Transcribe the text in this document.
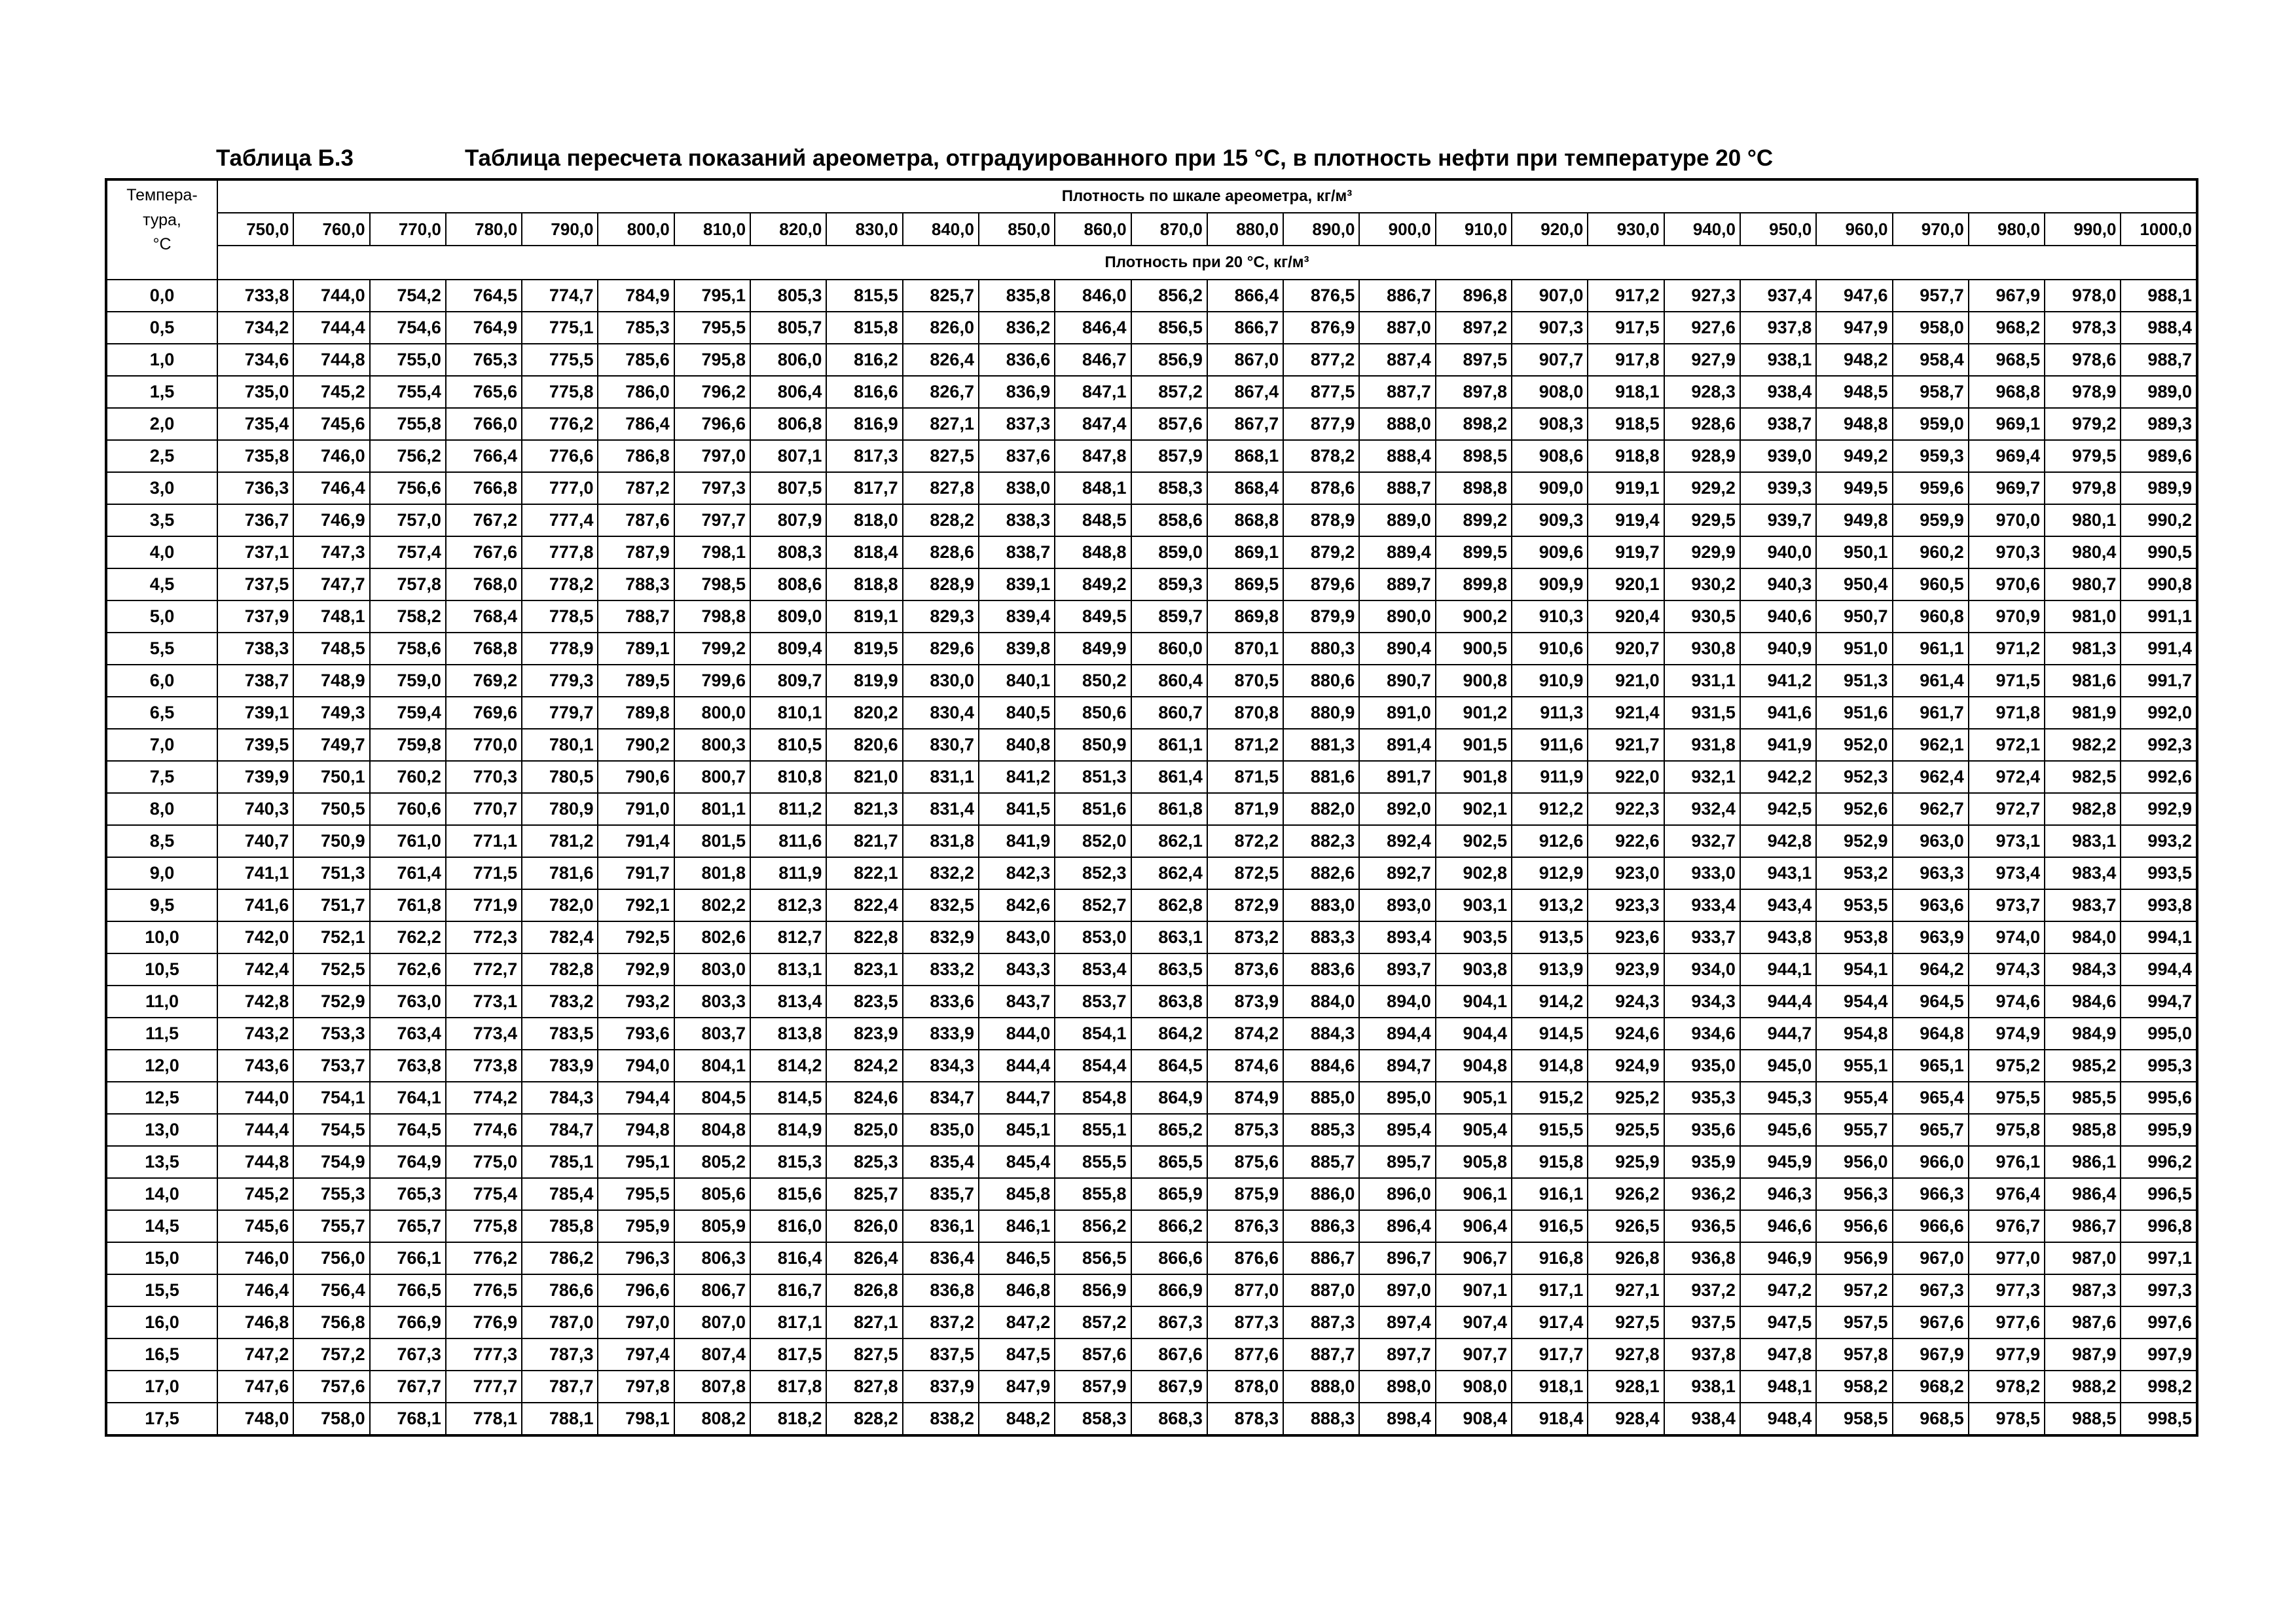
Таблица Б.3	Таблица пересчета показаний ареометра, отградуированного при 15 °С, в плотность нефти при температуре 20 °С
Темпера-
тура,
°С	Плотность по шкале ареометра, кг/м³																									
	750,0	760,0	770,0	780,0	790,0	800,0	810,0	820,0	830,0	840,0	850,0	860,0	870,0	880,0	890,0	900,0	910,0	920,0	930,0	940,0	950,0	960,0	970,0	980,0	990,0	1000,0
	Плотность при 20 °С, кг/м³																									
0,0	733,8	744,0	754,2	764,5	774,7	784,9	795,1	805,3	815,5	825,7	835,8	846,0	856,2	866,4	876,5	886,7	896,8	907,0	917,2	927,3	937,4	947,6	957,7	967,9	978,0	988,1
0,5	734,2	744,4	754,6	764,9	775,1	785,3	795,5	805,7	815,8	826,0	836,2	846,4	856,5	866,7	876,9	887,0	897,2	907,3	917,5	927,6	937,8	947,9	958,0	968,2	978,3	988,4
1,0	734,6	744,8	755,0	765,3	775,5	785,6	795,8	806,0	816,2	826,4	836,6	846,7	856,9	867,0	877,2	887,4	897,5	907,7	917,8	927,9	938,1	948,2	958,4	968,5	978,6	988,7
1,5	735,0	745,2	755,4	765,6	775,8	786,0	796,2	806,4	816,6	826,7	836,9	847,1	857,2	867,4	877,5	887,7	897,8	908,0	918,1	928,3	938,4	948,5	958,7	968,8	978,9	989,0
2,0	735,4	745,6	755,8	766,0	776,2	786,4	796,6	806,8	816,9	827,1	837,3	847,4	857,6	867,7	877,9	888,0	898,2	908,3	918,5	928,6	938,7	948,8	959,0	969,1	979,2	989,3
2,5	735,8	746,0	756,2	766,4	776,6	786,8	797,0	807,1	817,3	827,5	837,6	847,8	857,9	868,1	878,2	888,4	898,5	908,6	918,8	928,9	939,0	949,2	959,3	969,4	979,5	989,6
3,0	736,3	746,4	756,6	766,8	777,0	787,2	797,3	807,5	817,7	827,8	838,0	848,1	858,3	868,4	878,6	888,7	898,8	909,0	919,1	929,2	939,3	949,5	959,6	969,7	979,8	989,9
3,5	736,7	746,9	757,0	767,2	777,4	787,6	797,7	807,9	818,0	828,2	838,3	848,5	858,6	868,8	878,9	889,0	899,2	909,3	919,4	929,5	939,7	949,8	959,9	970,0	980,1	990,2
4,0	737,1	747,3	757,4	767,6	777,8	787,9	798,1	808,3	818,4	828,6	838,7	848,8	859,0	869,1	879,2	889,4	899,5	909,6	919,7	929,9	940,0	950,1	960,2	970,3	980,4	990,5
4,5	737,5	747,7	757,8	768,0	778,2	788,3	798,5	808,6	818,8	828,9	839,1	849,2	859,3	869,5	879,6	889,7	899,8	909,9	920,1	930,2	940,3	950,4	960,5	970,6	980,7	990,8
5,0	737,9	748,1	758,2	768,4	778,5	788,7	798,8	809,0	819,1	829,3	839,4	849,5	859,7	869,8	879,9	890,0	900,2	910,3	920,4	930,5	940,6	950,7	960,8	970,9	981,0	991,1
5,5	738,3	748,5	758,6	768,8	778,9	789,1	799,2	809,4	819,5	829,6	839,8	849,9	860,0	870,1	880,3	890,4	900,5	910,6	920,7	930,8	940,9	951,0	961,1	971,2	981,3	991,4
6,0	738,7	748,9	759,0	769,2	779,3	789,5	799,6	809,7	819,9	830,0	840,1	850,2	860,4	870,5	880,6	890,7	900,8	910,9	921,0	931,1	941,2	951,3	961,4	971,5	981,6	991,7
6,5	739,1	749,3	759,4	769,6	779,7	789,8	800,0	810,1	820,2	830,4	840,5	850,6	860,7	870,8	880,9	891,0	901,2	911,3	921,4	931,5	941,6	951,6	961,7	971,8	981,9	992,0
7,0	739,5	749,7	759,8	770,0	780,1	790,2	800,3	810,5	820,6	830,7	840,8	850,9	861,1	871,2	881,3	891,4	901,5	911,6	921,7	931,8	941,9	952,0	962,1	972,1	982,2	992,3
7,5	739,9	750,1	760,2	770,3	780,5	790,6	800,7	810,8	821,0	831,1	841,2	851,3	861,4	871,5	881,6	891,7	901,8	911,9	922,0	932,1	942,2	952,3	962,4	972,4	982,5	992,6
8,0	740,3	750,5	760,6	770,7	780,9	791,0	801,1	811,2	821,3	831,4	841,5	851,6	861,8	871,9	882,0	892,0	902,1	912,2	922,3	932,4	942,5	952,6	962,7	972,7	982,8	992,9
8,5	740,7	750,9	761,0	771,1	781,2	791,4	801,5	811,6	821,7	831,8	841,9	852,0	862,1	872,2	882,3	892,4	902,5	912,6	922,6	932,7	942,8	952,9	963,0	973,1	983,1	993,2
9,0	741,1	751,3	761,4	771,5	781,6	791,7	801,8	811,9	822,1	832,2	842,3	852,3	862,4	872,5	882,6	892,7	902,8	912,9	923,0	933,0	943,1	953,2	963,3	973,4	983,4	993,5
9,5	741,6	751,7	761,8	771,9	782,0	792,1	802,2	812,3	822,4	832,5	842,6	852,7	862,8	872,9	883,0	893,0	903,1	913,2	923,3	933,4	943,4	953,5	963,6	973,7	983,7	993,8
10,0	742,0	752,1	762,2	772,3	782,4	792,5	802,6	812,7	822,8	832,9	843,0	853,0	863,1	873,2	883,3	893,4	903,5	913,5	923,6	933,7	943,8	953,8	963,9	974,0	984,0	994,1
10,5	742,4	752,5	762,6	772,7	782,8	792,9	803,0	813,1	823,1	833,2	843,3	853,4	863,5	873,6	883,6	893,7	903,8	913,9	923,9	934,0	944,1	954,1	964,2	974,3	984,3	994,4
11,0	742,8	752,9	763,0	773,1	783,2	793,2	803,3	813,4	823,5	833,6	843,7	853,7	863,8	873,9	884,0	894,0	904,1	914,2	924,3	934,3	944,4	954,4	964,5	974,6	984,6	994,7
11,5	743,2	753,3	763,4	773,4	783,5	793,6	803,7	813,8	823,9	833,9	844,0	854,1	864,2	874,2	884,3	894,4	904,4	914,5	924,6	934,6	944,7	954,8	964,8	974,9	984,9	995,0
12,0	743,6	753,7	763,8	773,8	783,9	794,0	804,1	814,2	824,2	834,3	844,4	854,4	864,5	874,6	884,6	894,7	904,8	914,8	924,9	935,0	945,0	955,1	965,1	975,2	985,2	995,3
12,5	744,0	754,1	764,1	774,2	784,3	794,4	804,5	814,5	824,6	834,7	844,7	854,8	864,9	874,9	885,0	895,0	905,1	915,2	925,2	935,3	945,3	955,4	965,4	975,5	985,5	995,6
13,0	744,4	754,5	764,5	774,6	784,7	794,8	804,8	814,9	825,0	835,0	845,1	855,1	865,2	875,3	885,3	895,4	905,4	915,5	925,5	935,6	945,6	955,7	965,7	975,8	985,8	995,9
13,5	744,8	754,9	764,9	775,0	785,1	795,1	805,2	815,3	825,3	835,4	845,4	855,5	865,5	875,6	885,7	895,7	905,8	915,8	925,9	935,9	945,9	956,0	966,0	976,1	986,1	996,2
14,0	745,2	755,3	765,3	775,4	785,4	795,5	805,6	815,6	825,7	835,7	845,8	855,8	865,9	875,9	886,0	896,0	906,1	916,1	926,2	936,2	946,3	956,3	966,3	976,4	986,4	996,5
14,5	745,6	755,7	765,7	775,8	785,8	795,9	805,9	816,0	826,0	836,1	846,1	856,2	866,2	876,3	886,3	896,4	906,4	916,5	926,5	936,5	946,6	956,6	966,6	976,7	986,7	996,8
15,0	746,0	756,0	766,1	776,2	786,2	796,3	806,3	816,4	826,4	836,4	846,5	856,5	866,6	876,6	886,7	896,7	906,7	916,8	926,8	936,8	946,9	956,9	967,0	977,0	987,0	997,1
15,5	746,4	756,4	766,5	776,5	786,6	796,6	806,7	816,7	826,8	836,8	846,8	856,9	866,9	877,0	887,0	897,0	907,1	917,1	927,1	937,2	947,2	957,2	967,3	977,3	987,3	997,3
16,0	746,8	756,8	766,9	776,9	787,0	797,0	807,0	817,1	827,1	837,2	847,2	857,2	867,3	877,3	887,3	897,4	907,4	917,4	927,5	937,5	947,5	957,5	967,6	977,6	987,6	997,6
16,5	747,2	757,2	767,3	777,3	787,3	797,4	807,4	817,5	827,5	837,5	847,5	857,6	867,6	877,6	887,7	897,7	907,7	917,7	927,8	937,8	947,8	957,8	967,9	977,9	987,9	997,9
17,0	747,6	757,6	767,7	777,7	787,7	797,8	807,8	817,8	827,8	837,9	847,9	857,9	867,9	878,0	888,0	898,0	908,0	918,1	928,1	938,1	948,1	958,2	968,2	978,2	988,2	998,2
17,5	748,0	758,0	768,1	778,1	788,1	798,1	808,2	818,2	828,2	838,2	848,2	858,3	868,3	878,3	888,3	898,4	908,4	918,4	928,4	938,4	948,4	958,5	968,5	978,5	988,5	998,5
